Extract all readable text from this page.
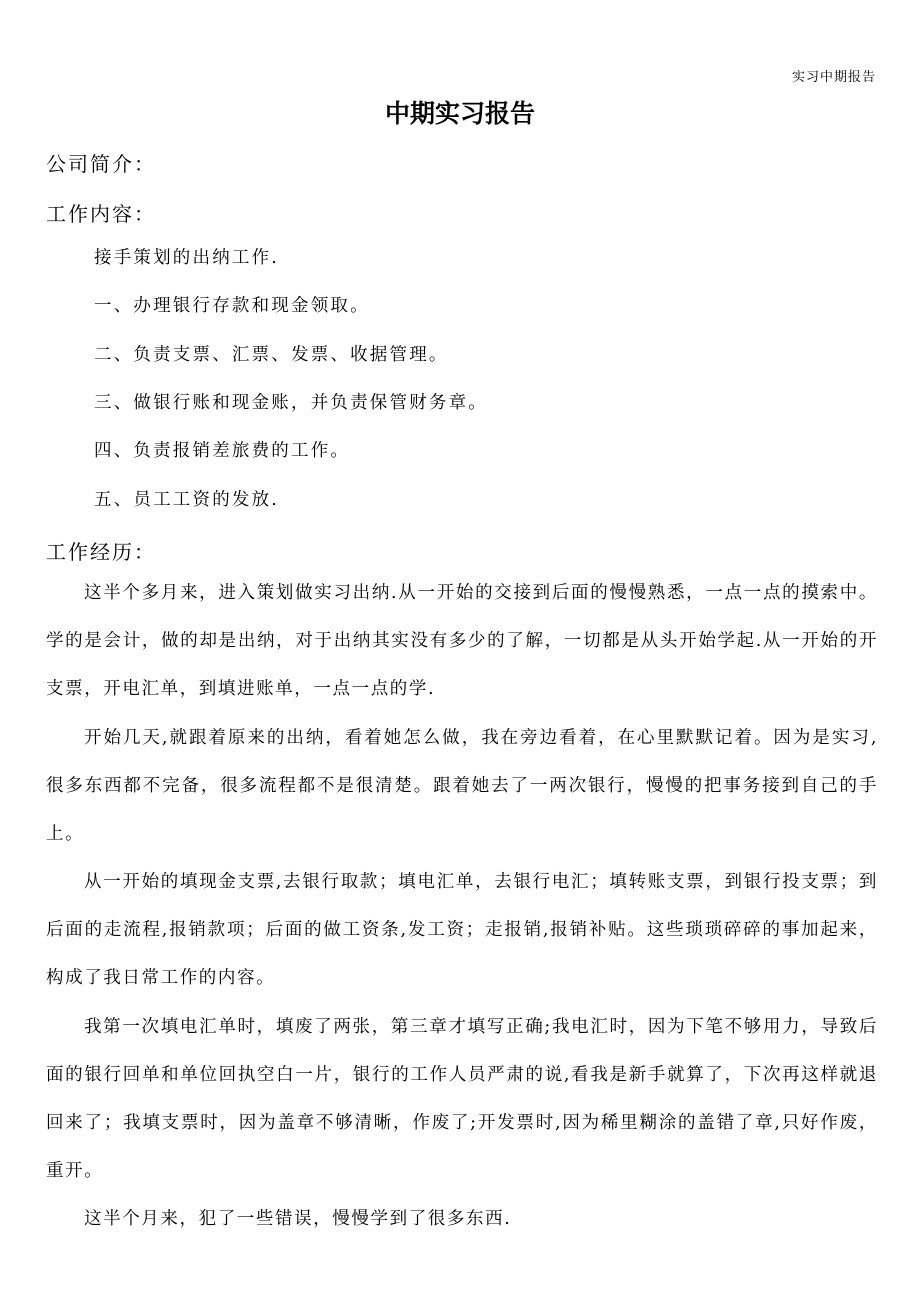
实习中期报告
中期实习报告
公司简介：
工作内容：
接手策划的出纳工作.
一、办理银行存款和现金领取。
二、负责支票、汇票、发票、收据管理。
三、做银行账和现金账，并负责保管财务章。
四、负责报销差旅费的工作。
五、员工工资的发放.
工作经历：
这半个多月来，进入策划做实习出纳.从一开始的交接到后面的慢慢熟悉，一点一点的摸索中。学的是会计，做的却是出纳，对于出纳其实没有多少的了解，一切都是从头开始学起.从一开始的开支票，开电汇单，到填进账单，一点一点的学.
开始几天,就跟着原来的出纳，看着她怎么做，我在旁边看着，在心里默默记着。因为是实习,很多东西都不完备，很多流程都不是很清楚。跟着她去了一两次银行，慢慢的把事务接到自己的手上。
从一开始的填现金支票,去银行取款；填电汇单，去银行电汇；填转账支票，到银行投支票；到后面的走流程,报销款项；后面的做工资条,发工资；走报销,报销补贴。这些琐琐碎碎的事加起来，构成了我日常工作的内容。
我第一次填电汇单时，填废了两张，第三章才填写正确;我电汇时，因为下笔不够用力，导致后面的银行回单和单位回执空白一片，银行的工作人员严肃的说,看我是新手就算了，下次再这样就退回来了；我填支票时，因为盖章不够清晰，作废了;开发票时,因为稀里糊涂的盖错了章,只好作废，重开。
这半个月来，犯了一些错误，慢慢学到了很多东西.
